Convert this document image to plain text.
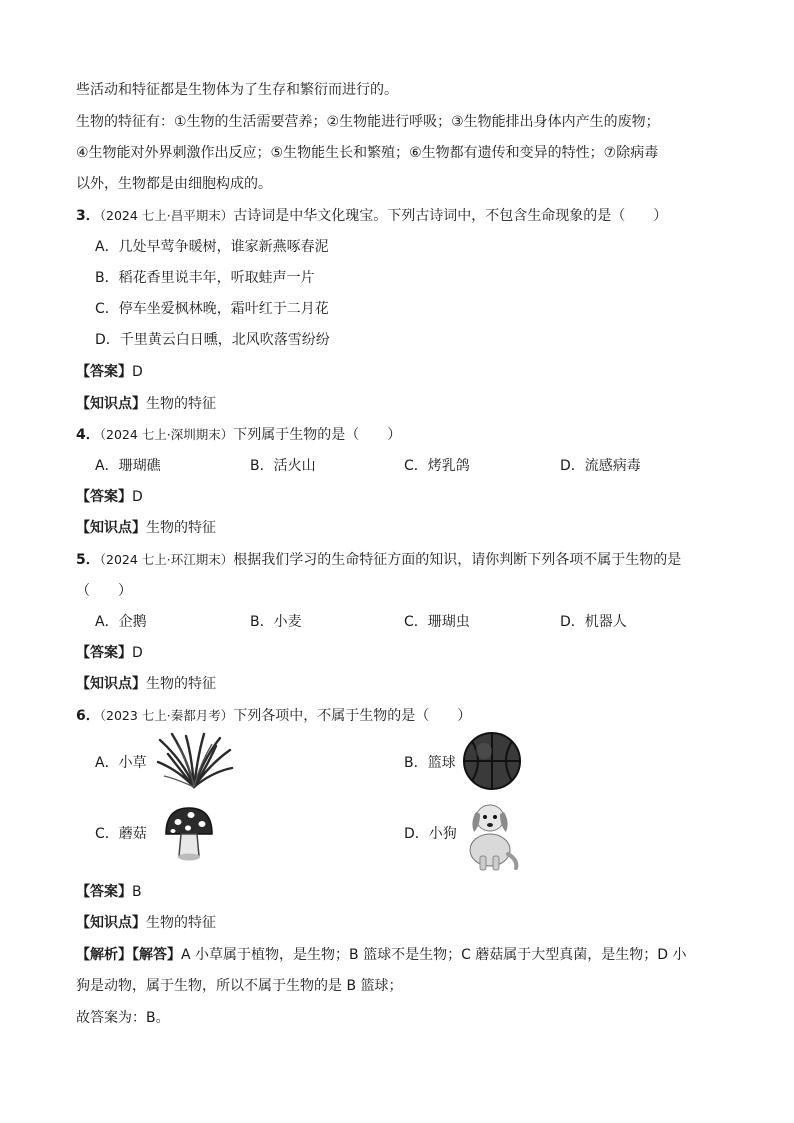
些活动和特征都是生物体为了生存和繁衍而进行的。
生物的特征有：①生物的生活需要营养；②生物能进行呼吸；③生物能排出身体内产生的废物；
④生物能对外界刺激作出反应；⑤生物能生长和繁殖；⑥生物都有遗传和变异的特性；⑦除病毒
以外，生物都是由细胞构成的。
3．（2024 七上·昌平期末）古诗词是中华文化瑰宝。下列古诗词中，不包含生命现象的是（　　）
A．几处早莺争暖树，谁家新燕啄春泥
B．稻花香里说丰年，听取蛙声一片
C．停车坐爱枫林晚，霜叶红于二月花
D．千里黄云白日曛，北风吹落雪纷纷
【答案】D
【知识点】生物的特征
4．（2024 七上·深圳期末）下列属于生物的是（　　）
A．珊瑚礁	B．活火山	C．烤乳鸽	D．流感病毒
【答案】D
【知识点】生物的特征
5．（2024 七上·环江期末）根据我们学习的生命特征方面的知识，请你判断下列各项不属于生物的是
（　　）
A．企鹅	B．小麦	C．珊瑚虫	D．机器人
【答案】D
【知识点】生物的特征
6．（2023 七上·秦都月考）下列各项中，不属于生物的是（　　）
A．小草	B．篮球
C．蘑菇	D．小狗
【答案】B
【知识点】生物的特征
【解析】【解答】A 小草属于植物，是生物；B 篮球不是生物；C 蘑菇属于大型真菌，是生物；D 小
狗是动物，属于生物，所以不属于生物的是 B 篮球；
故答案为：B。
